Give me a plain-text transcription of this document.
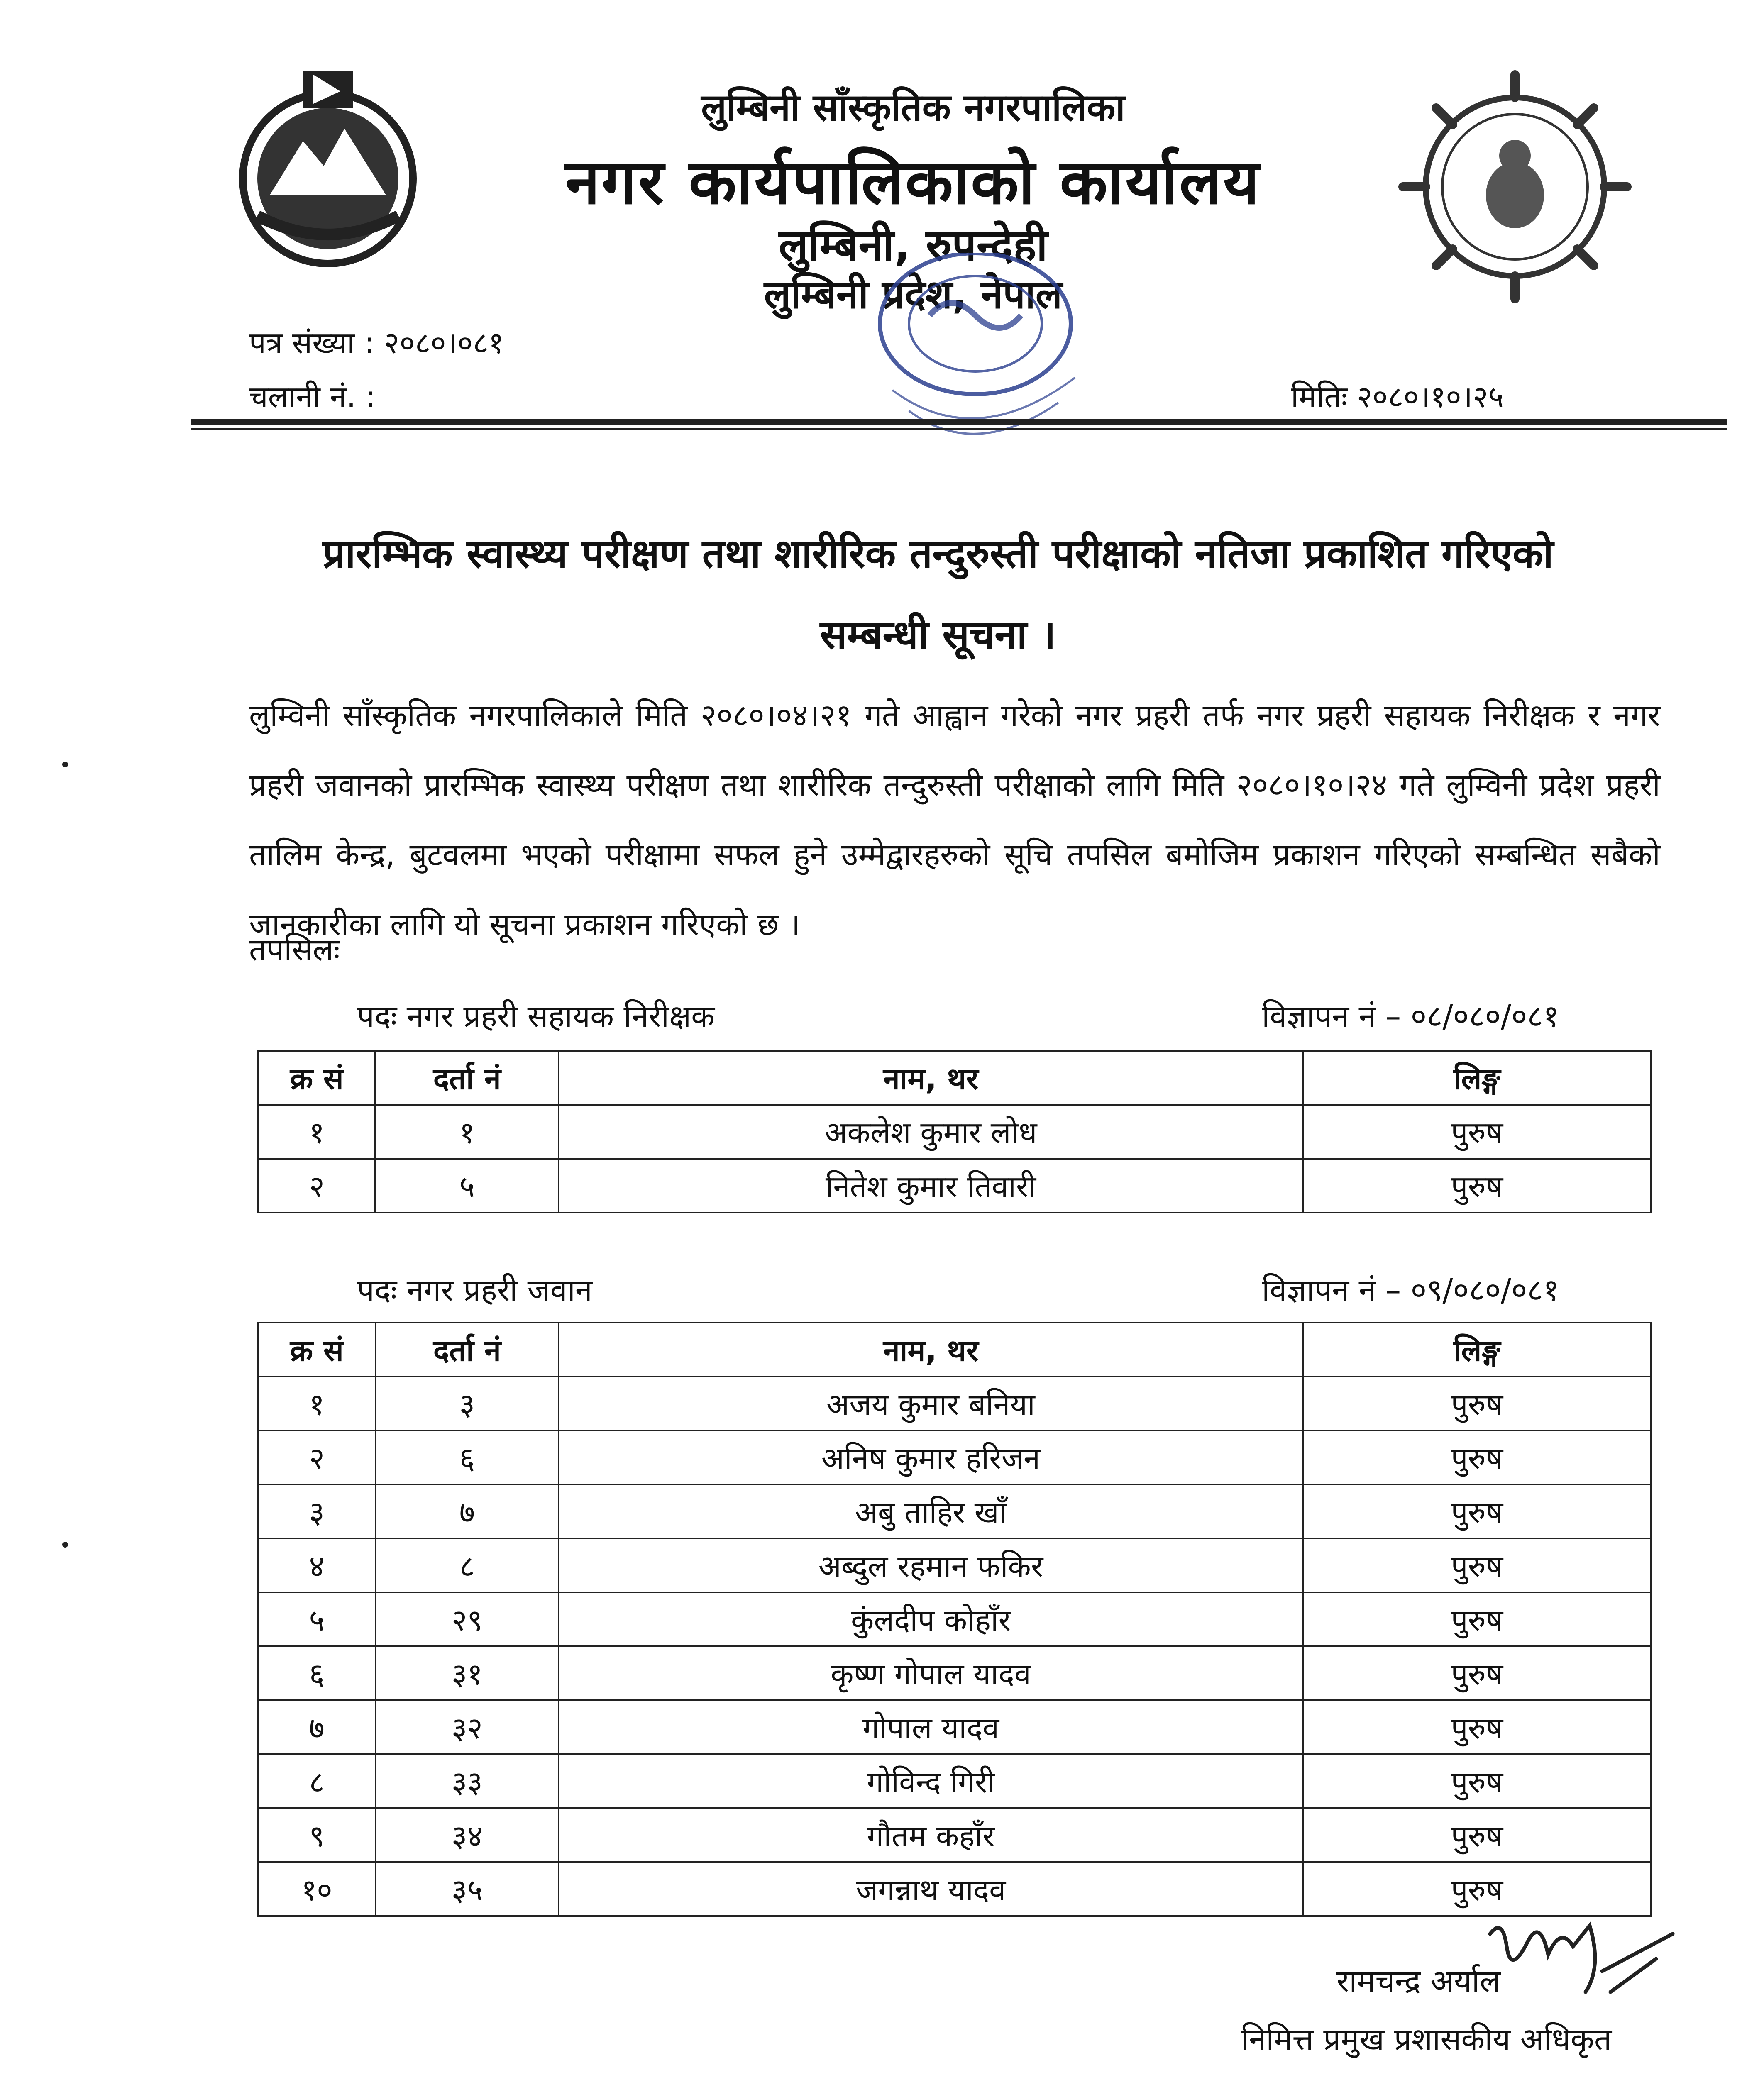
लुम्बिनी साँस्कृतिक नगरपालिका
नगर कार्यपालिकाको कार्यालय
लुम्बिनी, रुपन्देही
लुम्बिनी प्रदेश, नेपाल
पत्र संख्या : २०८०।०८१
चलानी नं. :	मितिः २०८०।१०।२५
प्रारम्भिक स्वास्थ्य परीक्षण तथा शारीरिक तन्दुरुस्ती परीक्षाको नतिजा प्रकाशित गरिएको
सम्बन्धी सूचना ।
लुम्विनी साँस्कृतिक नगरपालिकाले मिति २०८०।०४।२१ गते आह्वान गरेको नगर प्रहरी तर्फ नगर प्रहरी सहायक निरीक्षक र नगर प्रहरी जवानको प्रारम्भिक स्वास्थ्य परीक्षण तथा शारीरिक तन्दुरुस्ती परीक्षाको लागि मिति २०८०।१०।२४ गते लुम्विनी प्रदेश प्रहरी तालिम केन्द्र, बुटवलमा भएको परीक्षामा सफल हुने उम्मेद्वारहरुको सूचि तपसिल बमोजिम प्रकाशन गरिएको सम्बन्धित सबैको जानकारीका लागि यो सूचना प्रकाशन गरिएको छ ।
तपसिलः
पदः नगर प्रहरी सहायक निरीक्षक	विज्ञापन नं – ०८/०८०/०८१
क्र सं	दर्ता नं	नाम, थर	लिङ्ग
१	१	अकलेश कुमार लोध	पुरुष
२	५	नितेश कुमार तिवारी	पुरुष
पदः नगर प्रहरी जवान	विज्ञापन नं – ०९/०८०/०८१
क्र सं	दर्ता नं	नाम, थर	लिङ्ग
१	३	अजय कुमार बनिया	पुरुष
२	६	अनिष कुमार हरिजन	पुरुष
३	७	अबु ताहिर खाँ	पुरुष
४	८	अब्दुल रहमान फकिर	पुरुष
५	२९	कुंलदीप कोहाँर	पुरुष
६	३१	कृष्ण गोपाल यादव	पुरुष
७	३२	गोपाल यादव	पुरुष
८	३३	गोविन्द गिरी	पुरुष
९	३४	गौतम कहाँर	पुरुष
१०	३५	जगन्नाथ यादव	पुरुष
रामचन्द्र अर्याल
निमित्त प्रमुख प्रशासकीय अधिकृत
